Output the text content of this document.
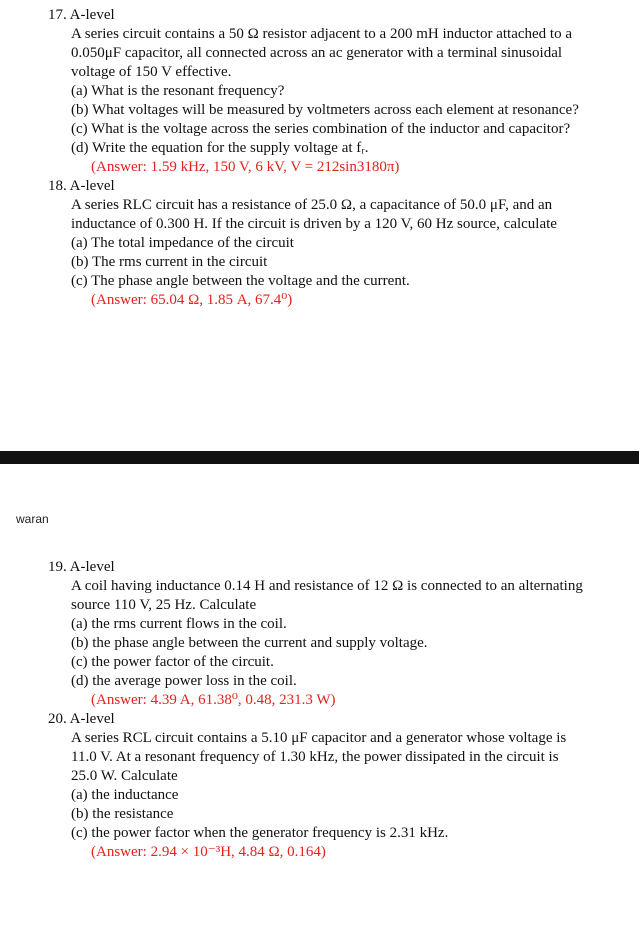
17. A-level
A series circuit contains a 50 Ω resistor adjacent to a 200 mH inductor attached to a
0.050μF capacitor, all connected across an ac generator with a terminal sinusoidal
voltage of 150 V effective.
(a) What is the resonant frequency?
(b) What voltages will be measured by voltmeters across each element at resonance?
(c) What is the voltage across the series combination of the inductor and capacitor?
(d) Write the equation for the supply voltage at fᵣ.
(Answer: 1.59 kHz, 150 V, 6 kV, V = 212sin3180π)
18. A-level
A series RLC circuit has a resistance of 25.0 Ω, a capacitance of 50.0 μF, and an
inductance of 0.300 H. If the circuit is driven by a 120 V, 60 Hz source, calculate
(a) The total impedance of the circuit
(b) The rms current in the circuit
(c) The phase angle between the voltage and the current.
(Answer: 65.04 Ω, 1.85 A, 67.4⁰)
waran
19. A-level
A coil having inductance 0.14 H and resistance of 12 Ω is connected to an alternating
source 110 V, 25 Hz. Calculate
(a) the rms current flows in the coil.
(b) the phase angle between the current and supply voltage.
(c) the power factor of the circuit.
(d) the average power loss in the coil.
(Answer: 4.39 A, 61.38⁰, 0.48, 231.3 W)
20. A-level
A series RCL circuit contains a 5.10 μF capacitor and a generator whose voltage is
11.0 V. At a resonant frequency of 1.30 kHz, the power dissipated in the circuit is
25.0 W. Calculate
(a) the inductance
(b) the resistance
(c) the power factor when the generator frequency is 2.31 kHz.
(Answer: 2.94 × 10⁻³H, 4.84 Ω, 0.164)
